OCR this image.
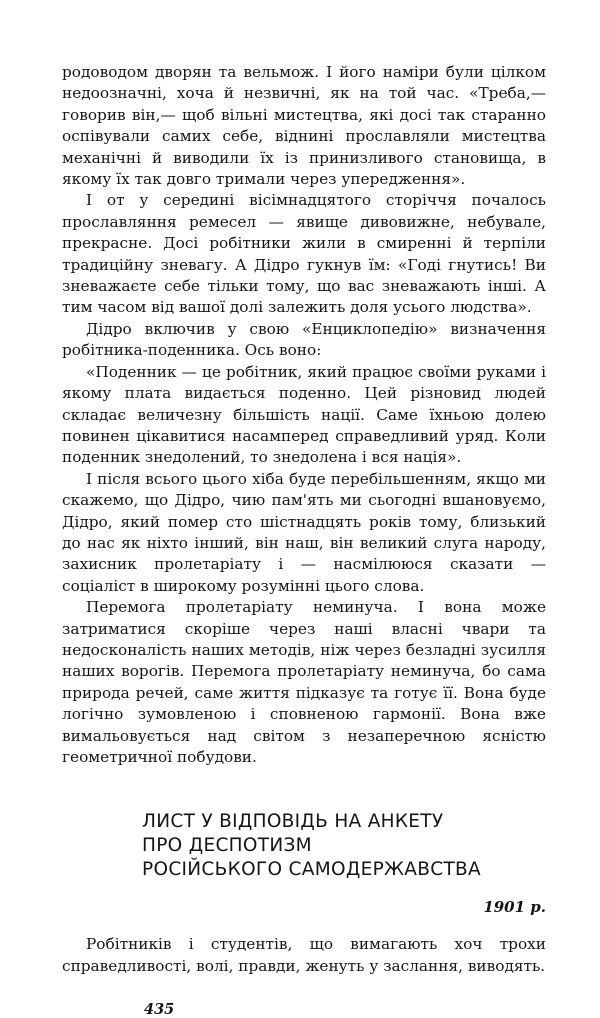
родоводом дворян та вельмож. І його наміри були цілком недоозначні, хоча й незвичні, як на той час. «Треба,— говорив він,— щоб вільні мистецтва, які досі так старанно оспівували самих себе, віднині прославляли мистецтва механічні й виводили їх із принизливого становища, в якому їх так довго тримали через упередження».

І от у середині вісімнадцятого сторіччя почалось прославляння ремесел — явище дивовижне, небувале, прекрасне. Досі робітники жили в смиренні й терпіли традиційну зневагу. А Дідро гукнув їм: «Годі гнутись! Ви зневажаєте себе тільки тому, що вас зневажають інші. А тим часом від вашої долі залежить доля усього людства».

Дідро включив у свою «Енциклопедію» визначення робітника-поденника. Ось воно:

«Поденник — це робітник, який працює своїми руками і якому плата видається поденно. Цей різновид людей складає величезну більшість нації. Саме їхньою долею повинен цікавитися насамперед справедливий уряд. Коли поденник знедолений, то знедолена і вся нація».

І після всього цього хіба буде перебільшенням, якщо ми скажемо, що Дідро, чию пам'ять ми сьогодні вшановуємо, Дідро, який помер сто шістнадцять років тому, близький до нас як ніхто інший, він наш, він великий слуга народу, захисник пролетаріату і — насмілююся сказати — соціаліст в широкому розумінні цього слова.

Перемога пролетаріату неминуча. І вона може затриматися скоріше через наші власні чвари та недосконалість наших методів, ніж через безладні зусилля наших ворогів. Перемога пролетаріату неминуча, бо сама природа речей, саме життя підказує та готує її. Вона буде логічно зумовленою і сповненою гармонії. Вона вже вимальовується над світом з незаперечною ясністю геометричної побудови.

ЛИСТ У ВІДПОВІДЬ НА АНКЕТУ
ПРО ДЕСПОТИЗМ
РОСІЙСЬКОГО САМОДЕРЖАВСТВА
1901 р.

Робітників і студентів, що вимагають хоч трохи справедливості, волі, правди, женуть у заслання, виводять.

435
